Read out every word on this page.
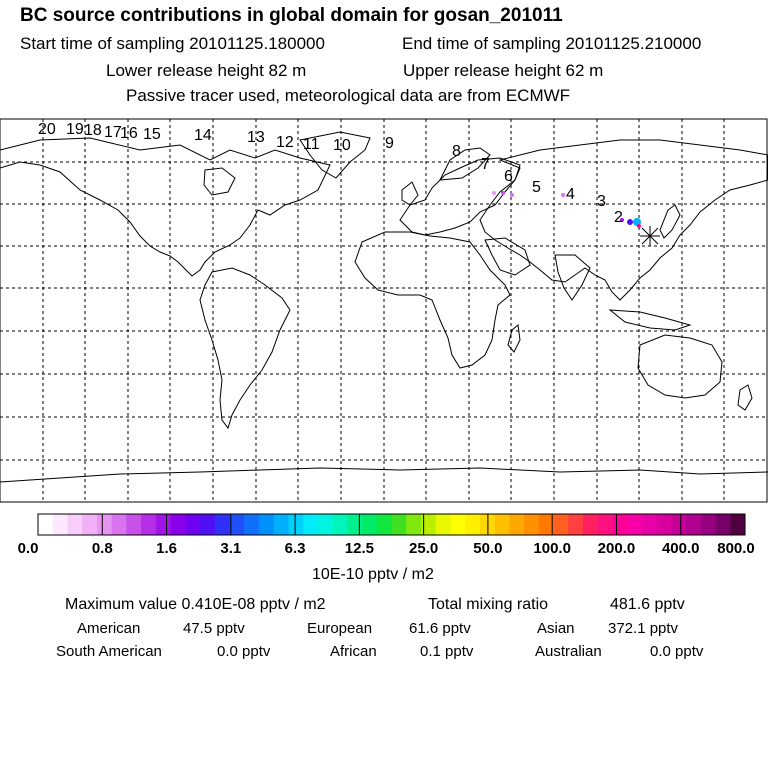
BC source contributions in global domain for gosan_201011
Start time of sampling 20101125.180000	End time of sampling 20101125.210000
Lower release height 82 m	Upper release height 62 m
Passive tracer used, meteorological data are from ECMWF
20 19 18 17
16 15 14 13 12 11 10 9	8
7
6
5 4 3
2
10E-10 pptv / m2
0.0	0.8	1.6	3.1	6.3	12.5 25.0 50.0 100.0 200.0 400.0 800.0
Maximum value 0.410E-08 pptv / m2	Total mixing ratio	481.6 pptv
American	47.5 pptv	European 61.6 pptv	Asian 372.1 pptv
South American	0.0 pptv	African	0.1 pptv	Australian	0.0 pptv
